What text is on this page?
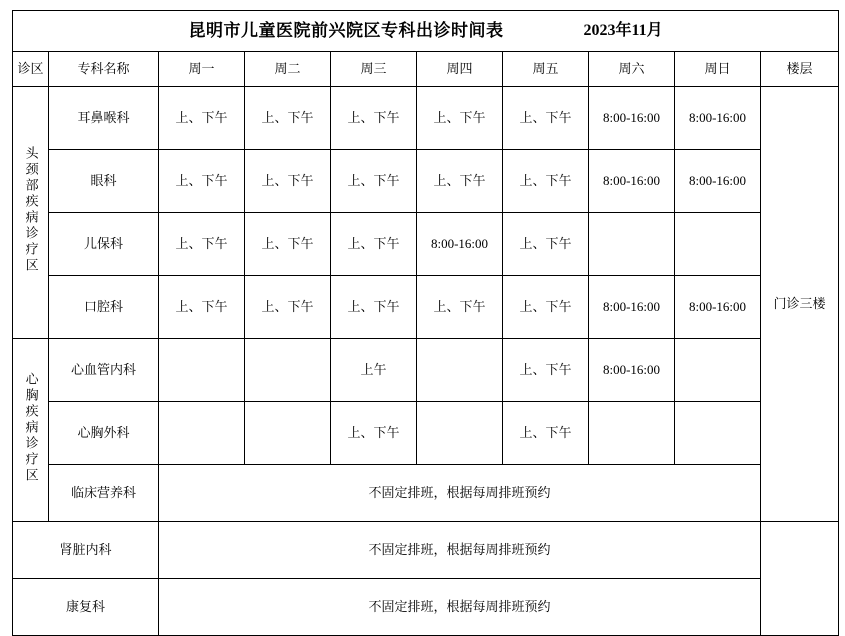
昆明市儿童医院前兴院区专科出诊时间表 2023年11月									

诊区	专科名称	周一	周二	周三	周四	周五	周六	周日	楼层
头颈部疾病诊疗区	耳鼻喉科	上、下午	上、下午	上、下午	上、下午	上、下午	8:00-16:00	8:00-16:00	门诊三楼
	眼科	上、下午	上、下午	上、下午	上、下午	上、下午	8:00-16:00	8:00-16:00	
	儿保科	上、下午	上、下午	上、下午	8:00-16:00	上、下午			
	口腔科	上、下午	上、下午	上、下午	上、下午	上、下午	8:00-16:00	8:00-16:00	
心胸疾病诊疗区	心血管内科			上午		上、下午	8:00-16:00		
	心胸外科			上、下午		上、下午			
	临床营养科	不固定排班，根据每周排班预约							
肾脏内科		不固定排班，根据每周排班预约							
康复科		不固定排班，根据每周排班预约							
